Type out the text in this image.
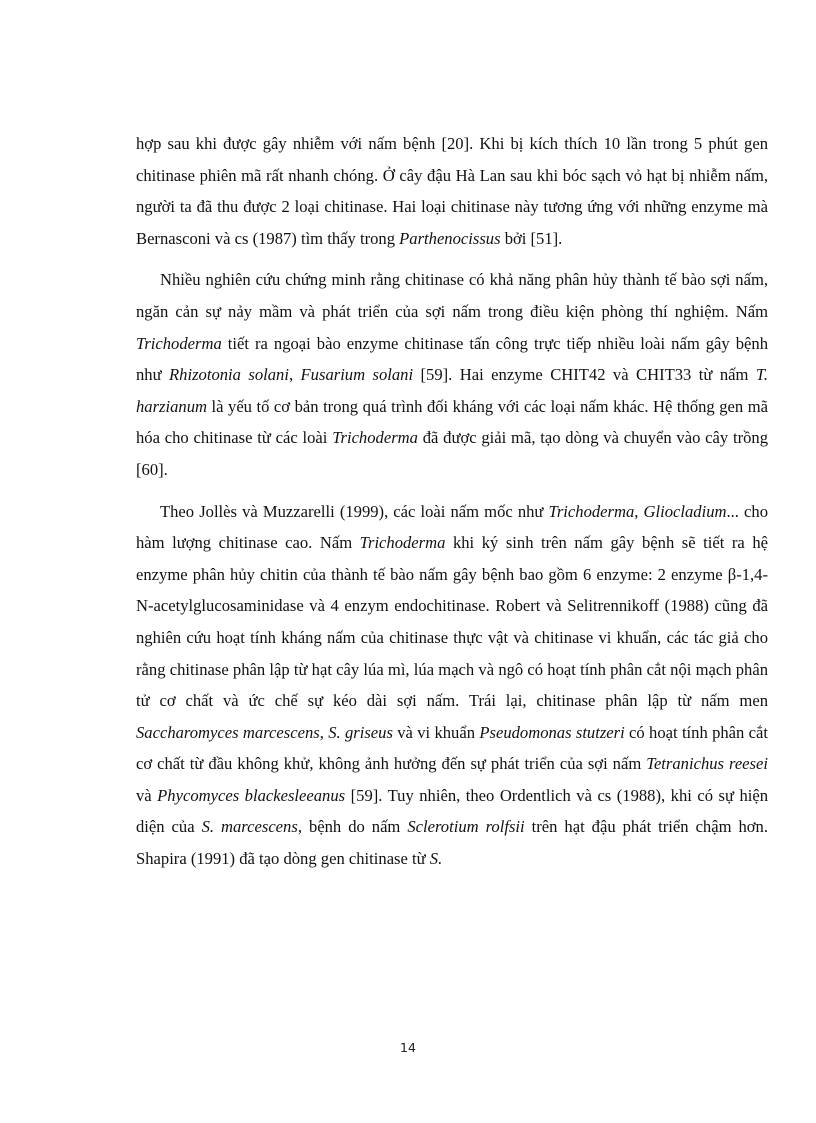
hợp sau khi được gây nhiễm với nấm bệnh [20]. Khi bị kích thích 10 lần trong 5 phút gen chitinase phiên mã rất nhanh chóng. Ở cây đậu Hà Lan sau khi bóc sạch vỏ hạt bị nhiễm nấm, người ta đã thu được 2 loại chitinase. Hai loại chitinase này tương ứng với những enzyme mà Bernasconi và cs (1987) tìm thấy trong Parthenocissus bởi [51].

Nhiều nghiên cứu chứng minh rằng chitinase có khả năng phân hủy thành tế bào sợi nấm, ngăn cản sự nảy mầm và phát triển của sợi nấm trong điều kiện phòng thí nghiệm. Nấm Trichoderma tiết ra ngoại bào enzyme chitinase tấn công trực tiếp nhiều loài nấm gây bệnh như Rhizotonia solani, Fusarium solani [59]. Hai enzyme CHIT42 và CHIT33 từ nấm T. harzianum là yếu tố cơ bản trong quá trình đối kháng với các loại nấm khác. Hệ thống gen mã hóa cho chitinase từ các loài Trichoderma đã được giải mã, tạo dòng và chuyển vào cây trồng [60].

Theo Jollès và Muzzarelli (1999), các loài nấm mốc như Trichoderma, Gliocladium... cho hàm lượng chitinase cao. Nấm Trichoderma khi ký sinh trên nấm gây bệnh sẽ tiết ra hệ enzyme phân hủy chitin của thành tế bào nấm gây bệnh bao gồm 6 enzyme: 2 enzyme β-1,4-N-acetylglucosaminidase và 4 enzym endochitinase. Robert và Selitrennikoff (1988) cũng đã nghiên cứu hoạt tính kháng nấm của chitinase thực vật và chitinase vi khuẩn, các tác giả cho rằng chitinase phân lập từ hạt cây lúa mì, lúa mạch và ngô có hoạt tính phân cắt nội mạch phân tử cơ chất và ức chế sự kéo dài sợi nấm. Trái lại, chitinase phân lập từ nấm men Saccharomyces marcescens, S. griseus và vi khuẩn Pseudomonas stutzeri có hoạt tính phân cắt cơ chất từ đầu không khử, không ảnh hưởng đến sự phát triển của sợi nấm Tetranichus reesei và Phycomyces blackesleeanus [59]. Tuy nhiên, theo Ordentlich và cs (1988), khi có sự hiện diện của S. marcescens, bệnh do nấm Sclerotium rolfsii trên hạt đậu phát triển chậm hơn. Shapira (1991) đã tạo dòng gen chitinase từ S.

14
